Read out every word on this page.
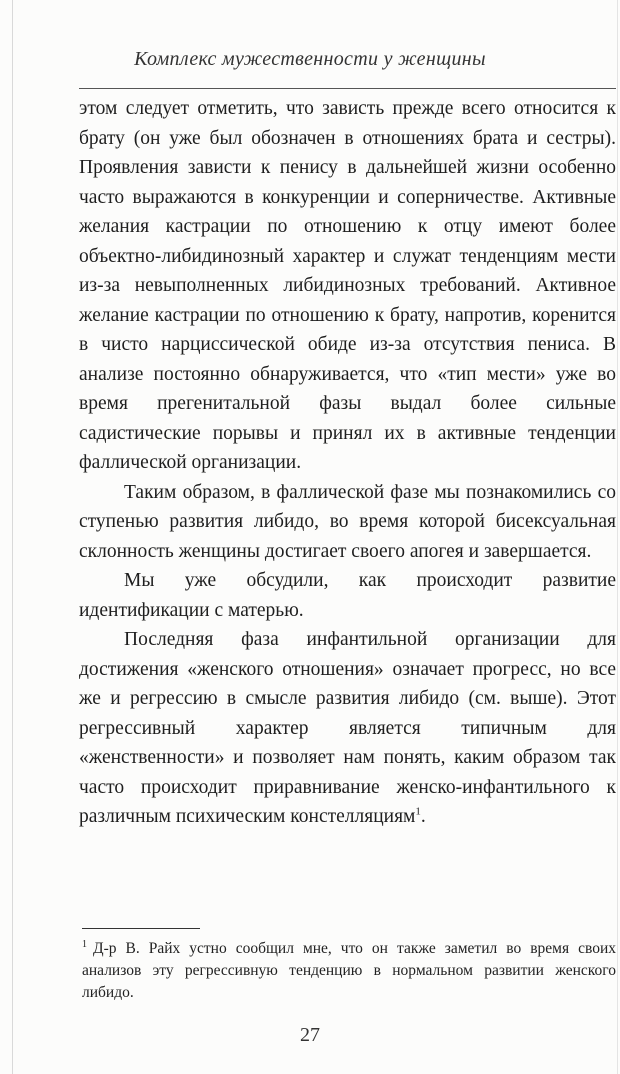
Комплекс мужественности у женщины

этом следует отметить, что зависть прежде всего относится к брату (он уже был обозначен в отношениях брата и сестры). Проявления зависти к пенису в дальнейшей жизни особенно часто выражаются в конкуренции и соперничестве. Активные желания кастрации по отношению к отцу имеют более объектно-либидинозный характер и служат тенденциям мести из-за невыполненных либидинозных требований. Активное желание кастрации по отношению к брату, напротив, коренится в чисто нарциссической обиде из-за отсутствия пениса. В анализе постоянно обнаруживается, что «тип мести» уже во время прегенитальной фазы выдал более сильные садистические порывы и принял их в активные тенденции фаллической организации.

Таким образом, в фаллической фазе мы познакомились со ступенью развития либидо, во время которой бисексуальная склонность женщины достигает своего апогея и завершается.

Мы уже обсудили, как происходит развитие идентификации с матерью.

Последняя фаза инфантильной организации для достижения «женского отношения» означает прогресс, но все же и регрессию в смысле развития либидо (см. выше). Этот регрессивный характер является типичным для «женственности» и позволяет нам понять, каким образом так часто происходит приравнивание женско-инфантильного к различным психическим констелляциям$^1$.

$^1$ Д-р В. Райх устно сообщил мне, что он также заметил во время своих анализов эту регрессивную тенденцию в нормальном развитии женского либидо.
27
